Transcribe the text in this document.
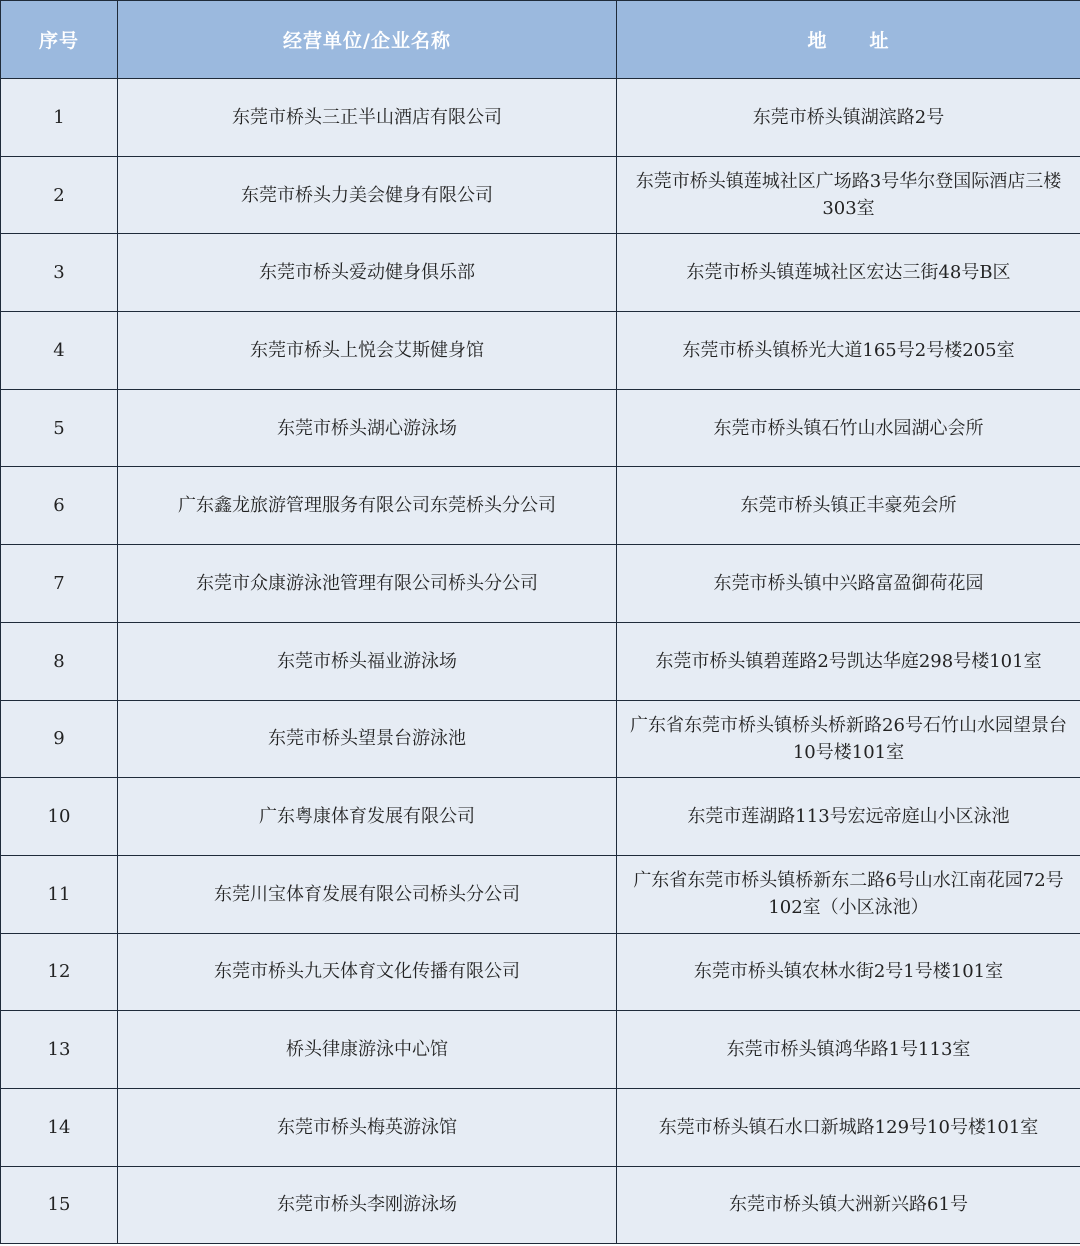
序号	经营单位/企业名称	地 址
1	东莞市桥头三正半山酒店有限公司	东莞市桥头镇湖滨路2号
2	东莞市桥头力美会健身有限公司	东莞市桥头镇莲城社区广场路3号华尔登国际酒店三楼303室
3	东莞市桥头爱动健身俱乐部	东莞市桥头镇莲城社区宏达三街48号B区
4	东莞市桥头上悦会艾斯健身馆	东莞市桥头镇桥光大道165号2号楼205室
5	东莞市桥头湖心游泳场	东莞市桥头镇石竹山水园湖心会所
6	广东鑫龙旅游管理服务有限公司东莞桥头分公司	东莞市桥头镇正丰豪苑会所
7	东莞市众康游泳池管理有限公司桥头分公司	东莞市桥头镇中兴路富盈御荷花园
8	东莞市桥头福业游泳场	东莞市桥头镇碧莲路2号凯达华庭298号楼101室
9	东莞市桥头望景台游泳池	广东省东莞市桥头镇桥头桥新路26号石竹山水园望景台10号楼101室
10	广东粤康体育发展有限公司	东莞市莲湖路113号宏远帝庭山小区泳池
11	东莞川宝体育发展有限公司桥头分公司	广东省东莞市桥头镇桥新东二路6号山水江南花园72号102室（小区泳池）
12	东莞市桥头九天体育文化传播有限公司	东莞市桥头镇农林水街2号1号楼101室
13	桥头律康游泳中心馆	东莞市桥头镇鸿华路1号113室
14	东莞市桥头梅英游泳馆	东莞市桥头镇石水口新城路129号10号楼101室
15	东莞市桥头李刚游泳场	东莞市桥头镇大洲新兴路61号
